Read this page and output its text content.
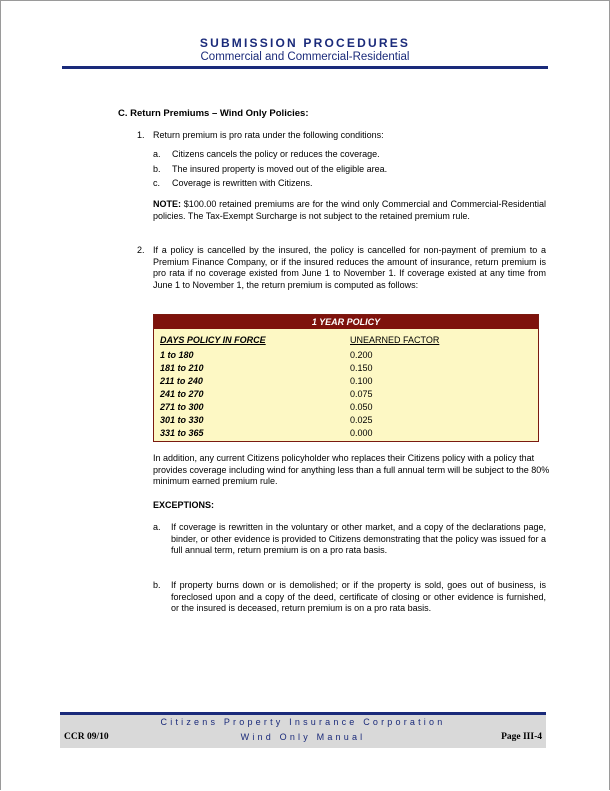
SUBMISSION PROCEDURES
Commercial and Commercial-Residential
C. Return Premiums – Wind Only Policies:
1. Return premium is pro rata under the following conditions:
a. Citizens cancels the policy or reduces the coverage.
b. The insured property is moved out of the eligible area.
c. Coverage is rewritten with Citizens.
NOTE: $100.00 retained premiums are for the wind only Commercial and Commercial-Residential policies. The Tax-Exempt Surcharge is not subject to the retained premium rule.
2. If a policy is cancelled by the insured, the policy is cancelled for non-payment of premium to a Premium Finance Company, or if the insured reduces the amount of insurance, return premium is pro rata if no coverage existed from June 1 to November 1. If coverage existed at any time from June 1 to November 1, the return premium is computed as follows:
1 YEAR POLICY
DAYS POLICY IN FORCE	UNEARNED FACTOR
1 to 180	0.200
181 to 210	0.150
211 to 240	0.100
241 to 270	0.075
271 to 300	0.050
301 to 330	0.025
331 to 365	0.000
In addition, any current Citizens policyholder who replaces their Citizens policy with a policy that provides coverage including wind for anything less than a full annual term will be subject to the 80% minimum earned premium rule.
EXCEPTIONS:
a. If coverage is rewritten in the voluntary or other market, and a copy of the declarations page, binder, or other evidence is provided to Citizens demonstrating that the policy was issued for a full annual term, return premium is on a pro rata basis.
b. If property burns down or is demolished; or if the property is sold, goes out of business, is foreclosed upon and a copy of the deed, certificate of closing or other evidence is furnished, or the insured is deceased, return premium is on a pro rata basis.
Citizens Property Insurance Corporation
Wind Only Manual
CCR 09/10	Page III-4
